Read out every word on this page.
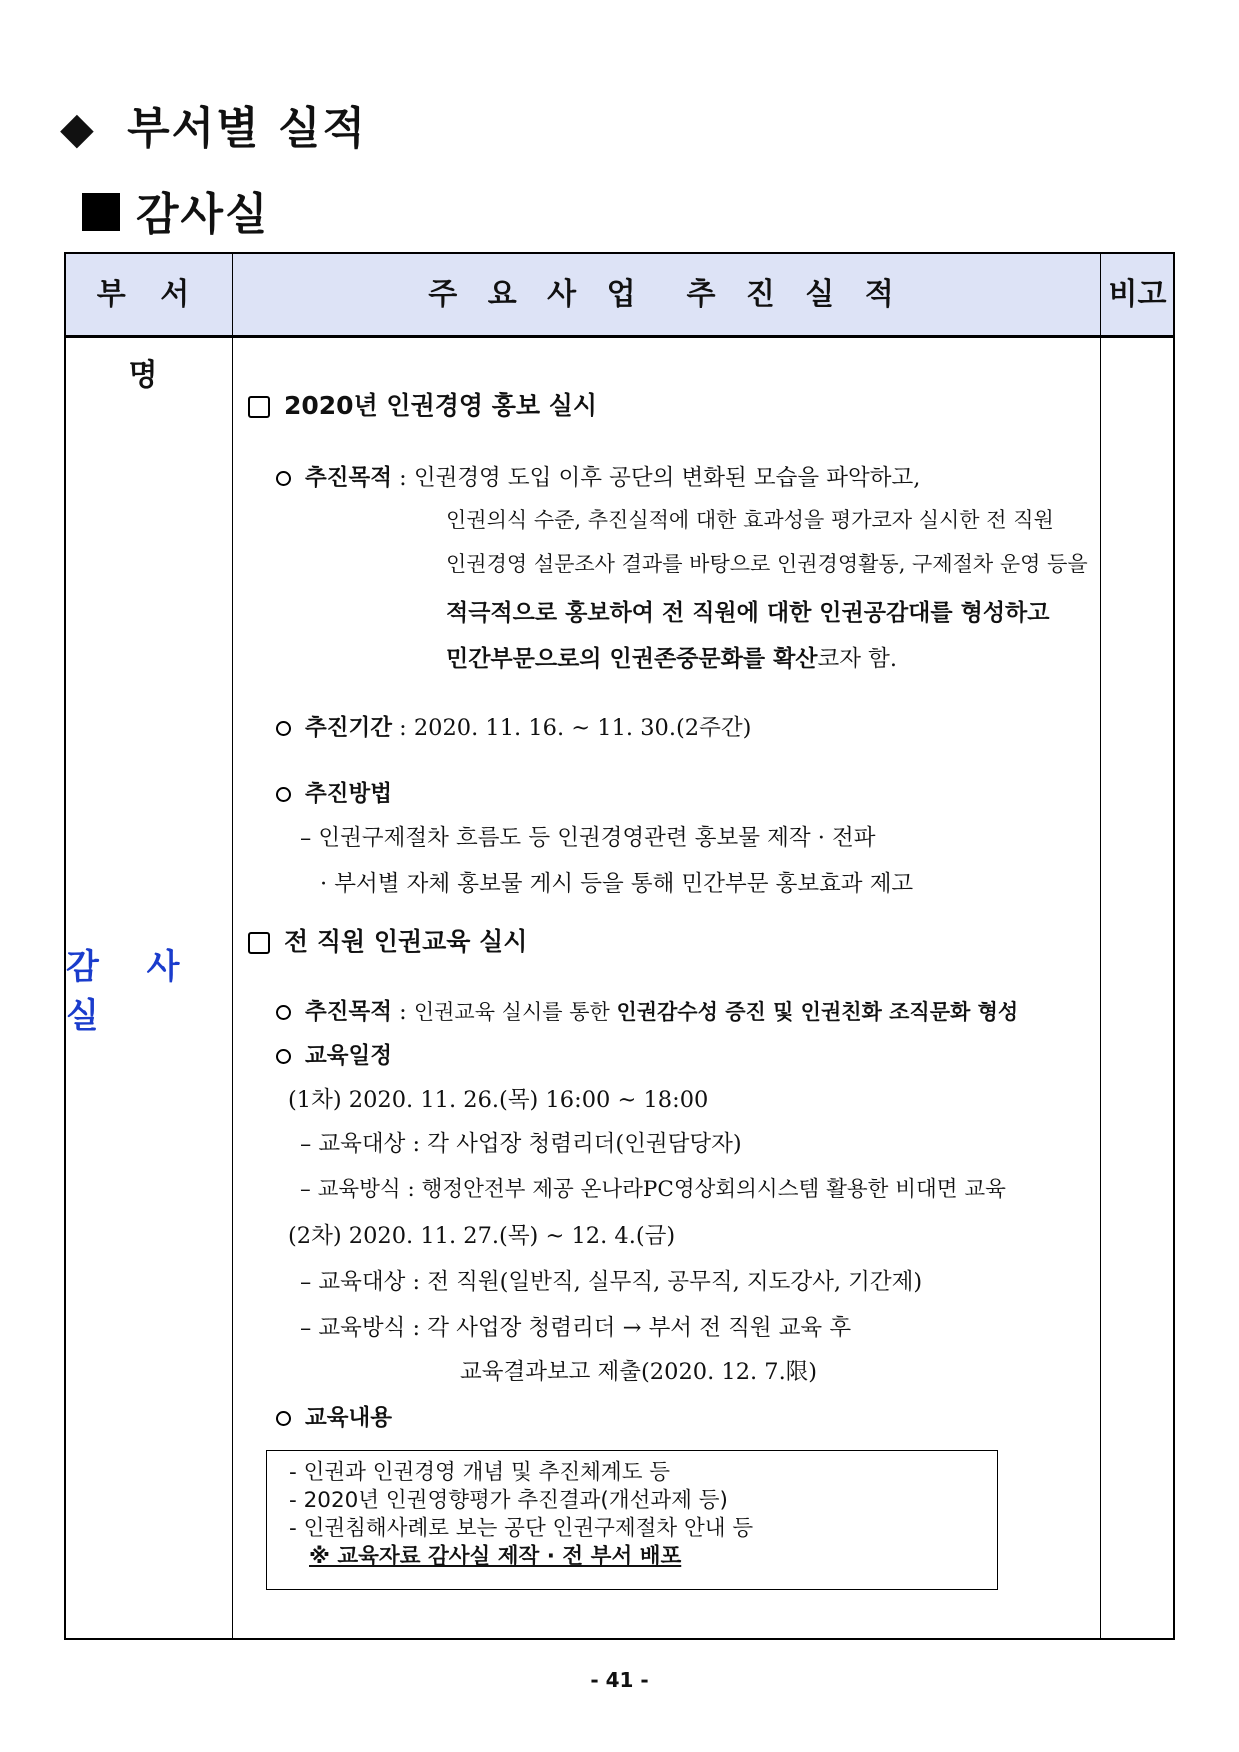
◆ 부서별 실적
감사실
부 서 명
주 요 사 업  추 진 실 적	비고
감 사 실
2020년 인권경영 홍보 실시
추진목적 : 인권경영 도입 이후 공단의 변화된 모습을 파악하고,
인권의식 수준, 추진실적에 대한 효과성을 평가코자 실시한 전 직원
인권경영 설문조사 결과를 바탕으로 인권경영활동, 구제절차 운영 등을
적극적으로 홍보하여 전 직원에 대한 인권공감대를 형성하고
민간부문으로의 인권존중문화를 확산코자 함.
추진기간 : 2020. 11. 16. ~ 11. 30.(2주간)
추진방법
– 인권구제절차 흐름도 등 인권경영관련 홍보물 제작 · 전파
· 부서별 자체 홍보물 게시 등을 통해 민간부문 홍보효과 제고
전 직원 인권교육 실시
추진목적 : 인권교육 실시를 통한 인권감수성 증진 및 인권친화 조직문화 형성
교육일정
(1차) 2020. 11. 26.(목) 16:00 ~ 18:00
– 교육대상 : 각 사업장 청렴리더(인권담당자)
– 교육방식 : 행정안전부 제공 온나라PC영상회의시스템 활용한 비대면 교육
(2차) 2020. 11. 27.(목) ~ 12. 4.(금)
– 교육대상 : 전 직원(일반직, 실무직, 공무직, 지도강사, 기간제)
– 교육방식 : 각 사업장 청렴리더 → 부서 전 직원 교육 후
교육결과보고 제출(2020. 12. 7.限)
교육내용
- 인권과 인권경영 개념 및 추진체계도 등
- 2020년 인권영향평가 추진결과(개선과제 등)
- 인권침해사례로 보는 공단 인권구제절차 안내 등
※ 교육자료 감사실 제작 · 전 부서 배포
- 41 -
